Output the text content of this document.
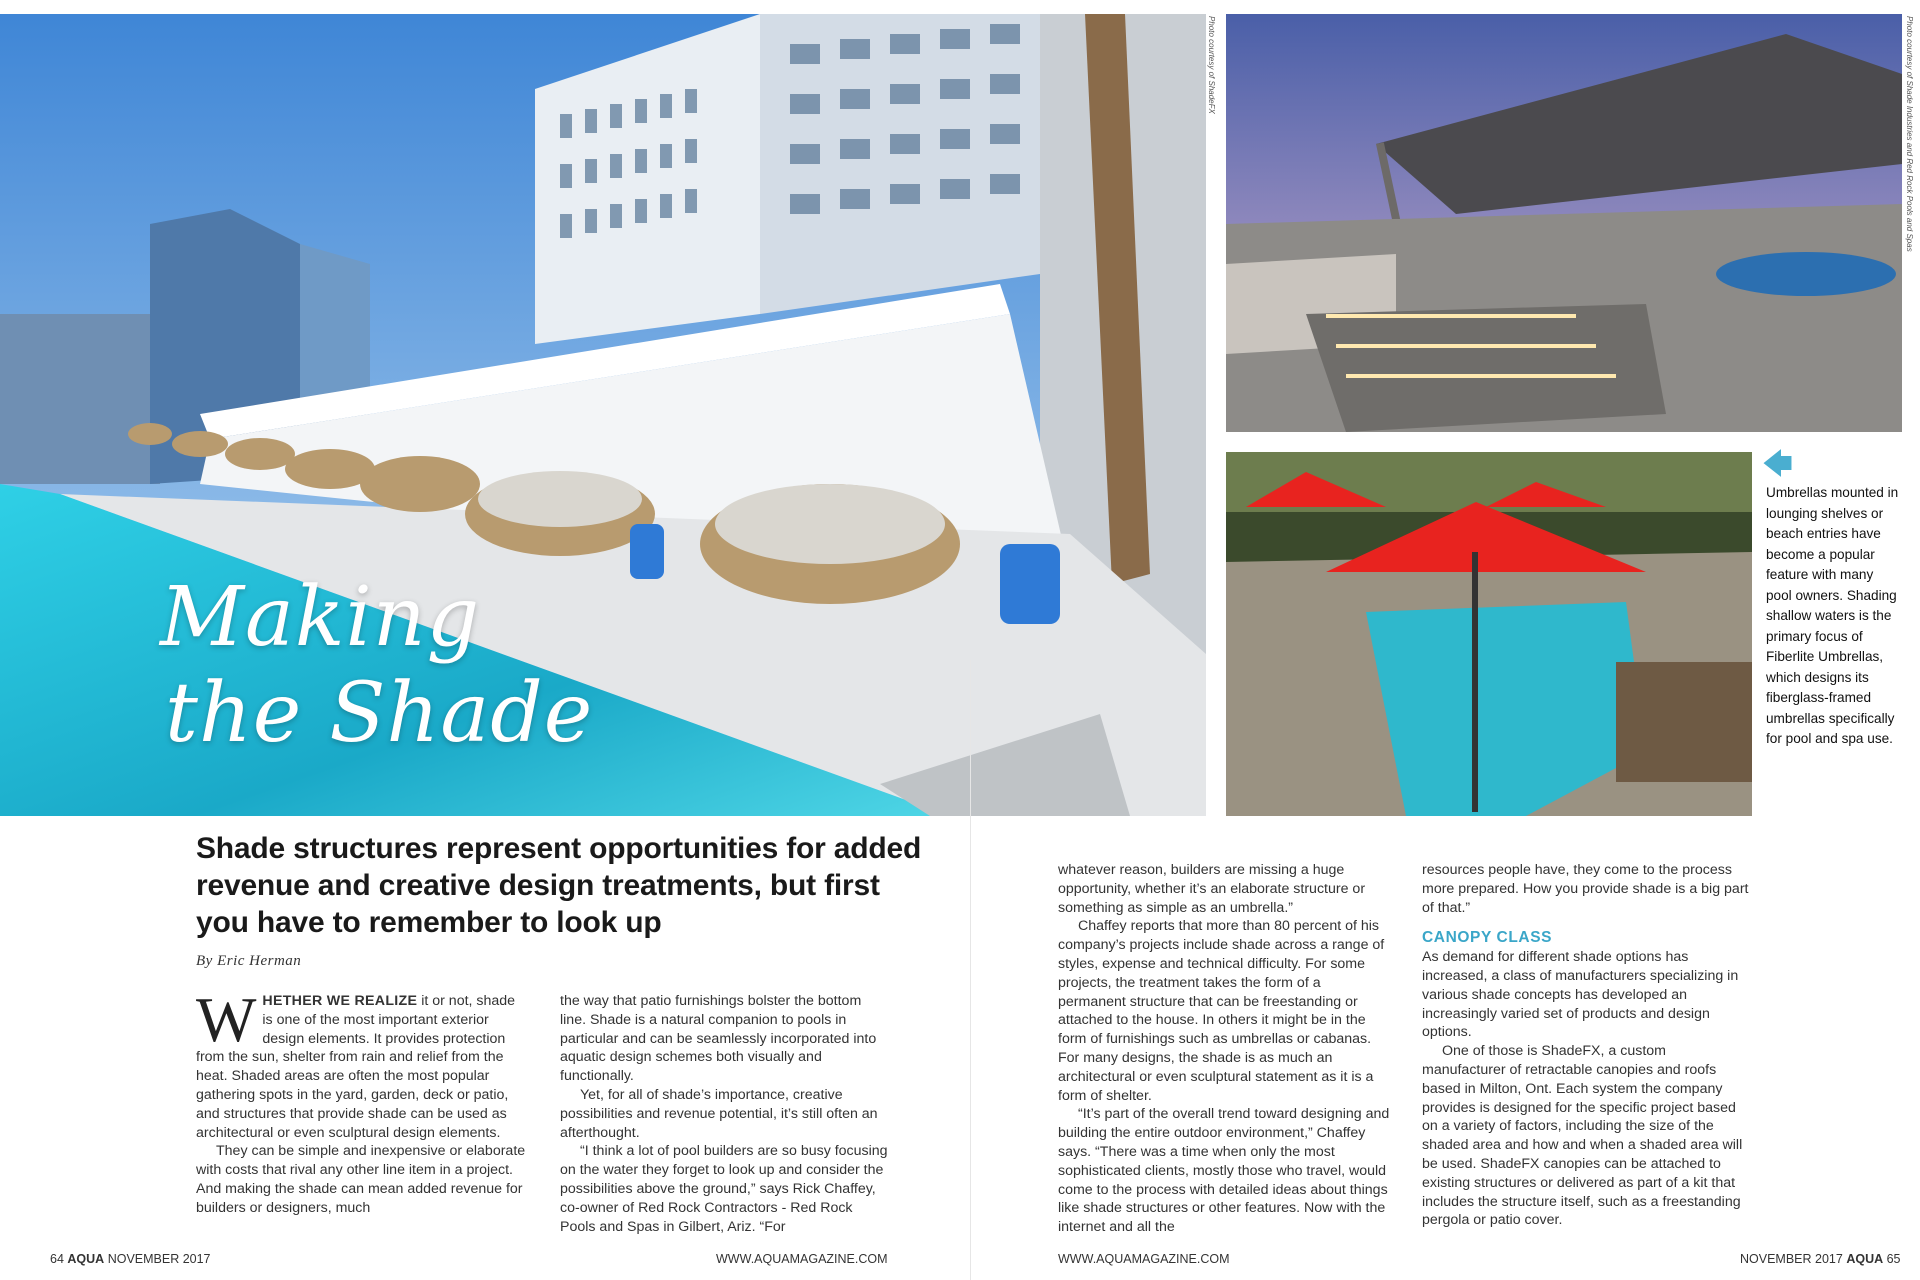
Photo courtesy of ShadeFX
Making
the Shade
Photo courtesy of Shade Industries and Red Rock Pools and Spas
🡄
Umbrellas mounted in lounging shelves or beach entries have become a popular feature with many pool owners. Shading shallow waters is the primary focus of Fiberlite Umbrellas, which designs its fiberglass-framed umbrellas specifically for pool and spa use.
Shade structures represent opportunities for added revenue and creative design treatments, but first you have to remember to look up
By Eric Herman

WHETHER WE REALIZE it or not, shade is one of the most important exterior design elements. It provides protection from the sun, shelter from rain and relief from the heat. Shaded areas are often the most popular gathering spots in the yard, garden, deck or patio, and structures that provide shade can be used as architectural or even sculptural design elements.

They can be simple and inexpensive or elaborate with costs that rival any other line item in a project. And making the shade can mean added revenue for builders or designers, much

the way that patio furnishings bolster the bottom line. Shade is a natural companion to pools in particular and can be seamlessly incorporated into aquatic design schemes both visually and functionally.

Yet, for all of shade’s importance, creative possibilities and revenue potential, it’s still often an afterthought.

“I think a lot of pool builders are so busy focusing on the water they forget to look up and consider the possibilities above the ground,” says Rick Chaffey, co-owner of Red Rock Contractors - Red Rock Pools and Spas in Gilbert, Ariz. “For

whatever reason, builders are missing a huge opportunity, whether it’s an elaborate structure or something as simple as an umbrella.”

Chaffey reports that more than 80 percent of his company’s projects include shade across a range of styles, expense and technical difficulty. For some projects, the treatment takes the form of a permanent structure that can be freestanding or attached to the house. In others it might be in the form of furnishings such as umbrellas or cabanas. For many designs, the shade is as much an architectural or even sculptural statement as it is a form of shelter.

“It’s part of the overall trend toward designing and building the entire outdoor environment,” Chaffey says. “There was a time when only the most sophisticated clients, mostly those who travel, would come to the process with detailed ideas about things like shade structures or other features. Now with the internet and all the

resources people have, they come to the process more prepared. How you provide shade is a big part of that.”

CANOPY CLASS

As demand for different shade options has increased, a class of manufacturers specializing in various shade concepts has developed an increasingly varied set of products and design options.

One of those is ShadeFX, a custom manufacturer of retractable canopies and roofs based in Milton, Ont. Each system the company provides is designed for the specific project based on a variety of factors, including the size of the shaded area and how and when a shaded area will be used. ShadeFX canopies can be attached to existing structures or delivered as part of a kit that includes the structure itself, such as a freestanding pergola or patio cover.

64 AQUA NOVEMBER 2017	WWW.AQUAMAGAZINE.COM	WWW.AQUAMAGAZINE.COM	NOVEMBER 2017 AQUA 65
